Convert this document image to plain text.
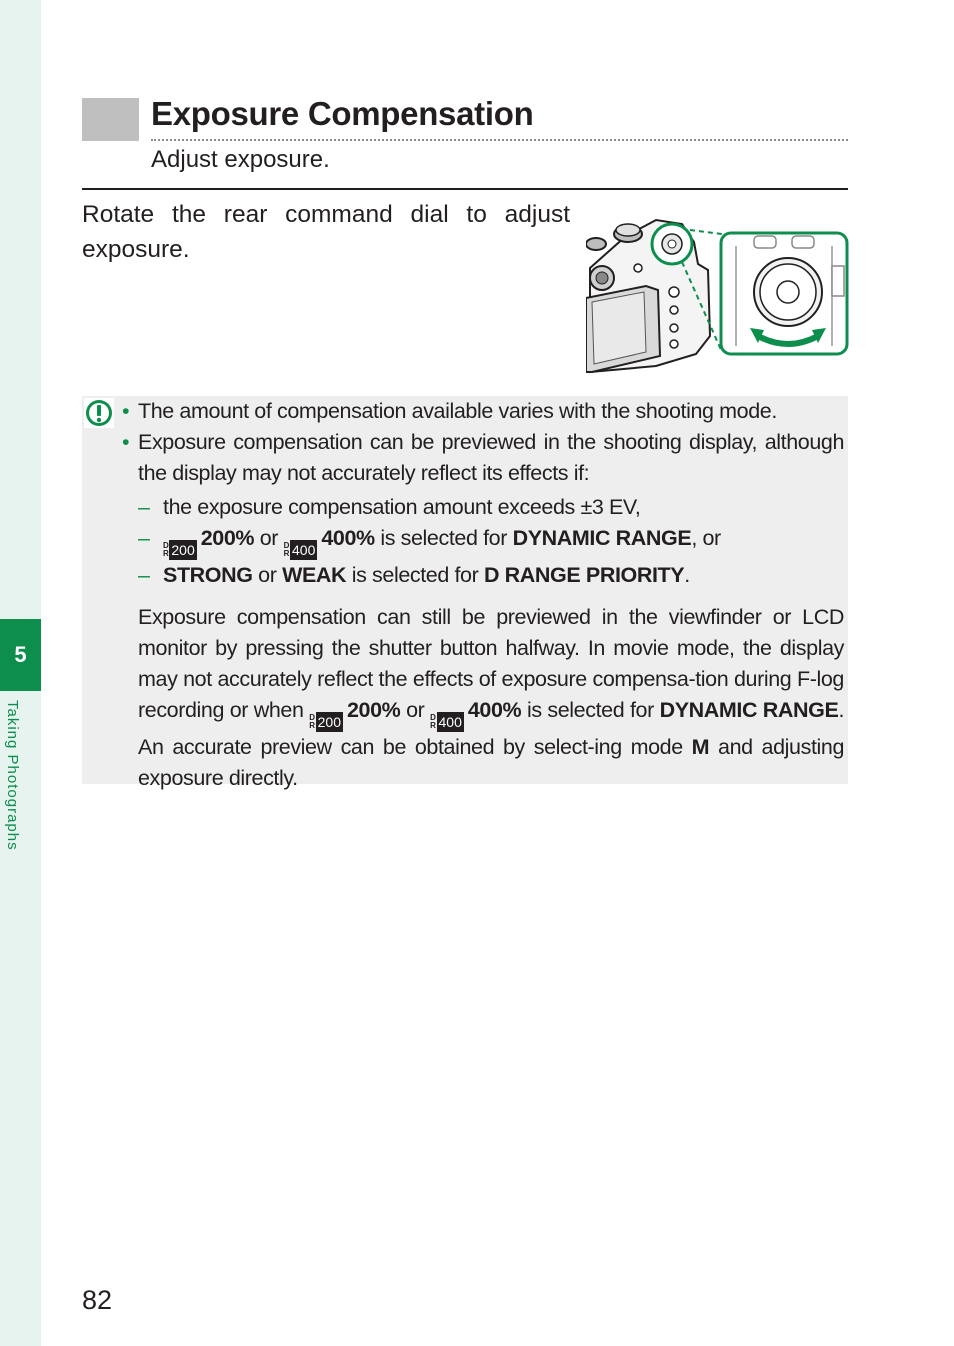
5
Taking Photographs
Exposure Compensation
Adjust exposure.
Rotate the rear command dial to adjust exposure.
• The amount of compensation available varies with the shooting mode.
• Exposure compensation can be previewed in the shooting display, although the display may not accurately reflect its effects if:
– the exposure compensation amount exceeds ±3 EV,
– D
R 200 200% or D
R 400 400% is selected for DYNAMIC RANGE, or
– STRONG or WEAK is selected for D RANGE PRIORITY.
Exposure compensation can still be previewed in the viewfinder or LCD monitor by pressing the shutter button halfway. In movie mode, the display may not accurately reflect the effects of exposure compensa-tion during F-log recording or when D
R 200 200% or D
R 400 400% is selected for DYNAMIC RANGE. An accurate preview can be obtained by select-ing mode M and adjusting exposure directly.
82
